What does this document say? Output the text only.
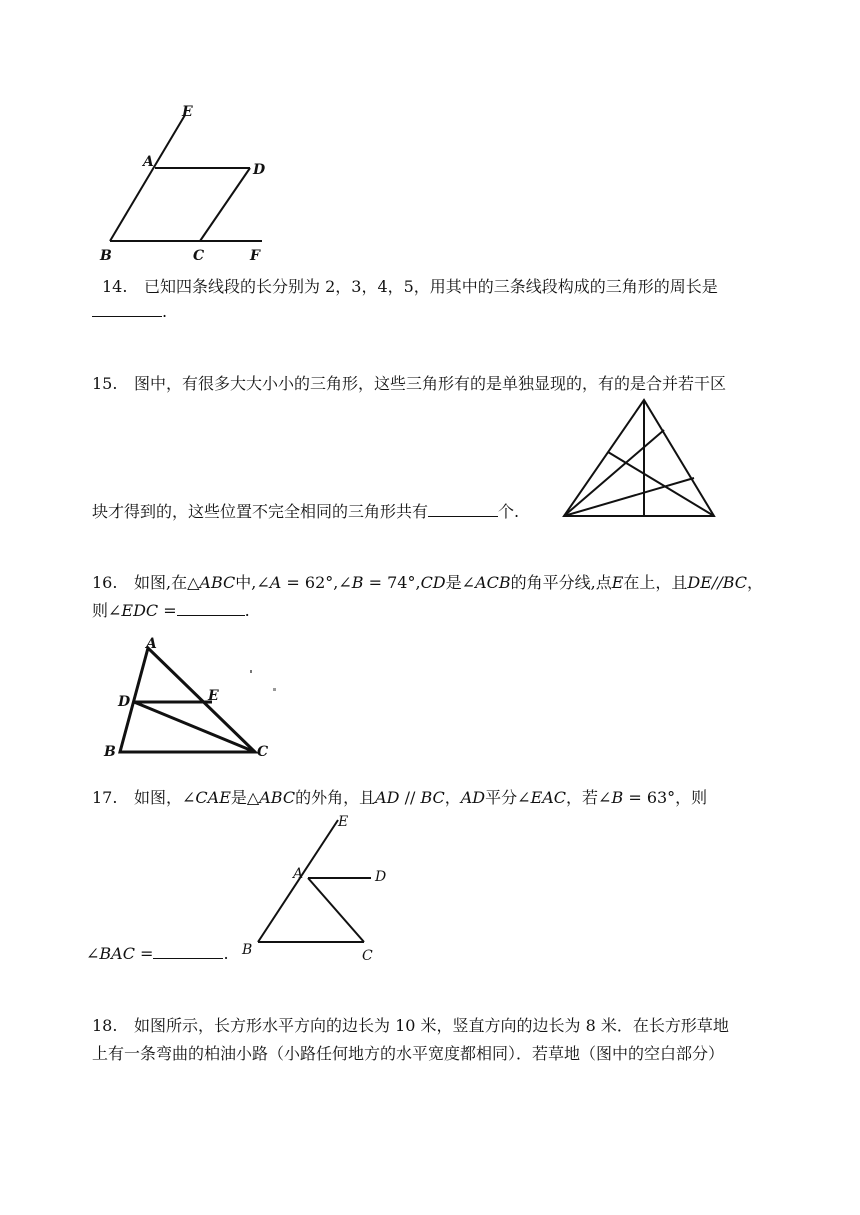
E
A	D
B	C	F
14. 已知四条线段的长分别为 2，3，4，5，用其中的三条线段构成的三角形的周长是
.
15. 图中，有很多大大小小的三角形，这些三角形有的是单独显现的，有的是合并若干区
块才得到的，这些位置不完全相同的三角形共有	个.
16. 如图,在△ABC中,∠A = 62°,∠B = 74°,CD是∠ACB的角平分线,点E在上，且DE//BC，
则∠EDC =	.
A
D	E
B	C
17. 如图，∠CAE是△ABC的外角，且AD // BC，AD平分∠EAC，若∠B = 63°，则
∠BAC =	.
E
A	D
B	C
18. 如图所示，长方形水平方向的边长为 10 米，竖直方向的边长为 8 米．在长方形草地
上有一条弯曲的柏油小路（小路任何地方的水平宽度都相同）．若草地（图中的空白部分）
